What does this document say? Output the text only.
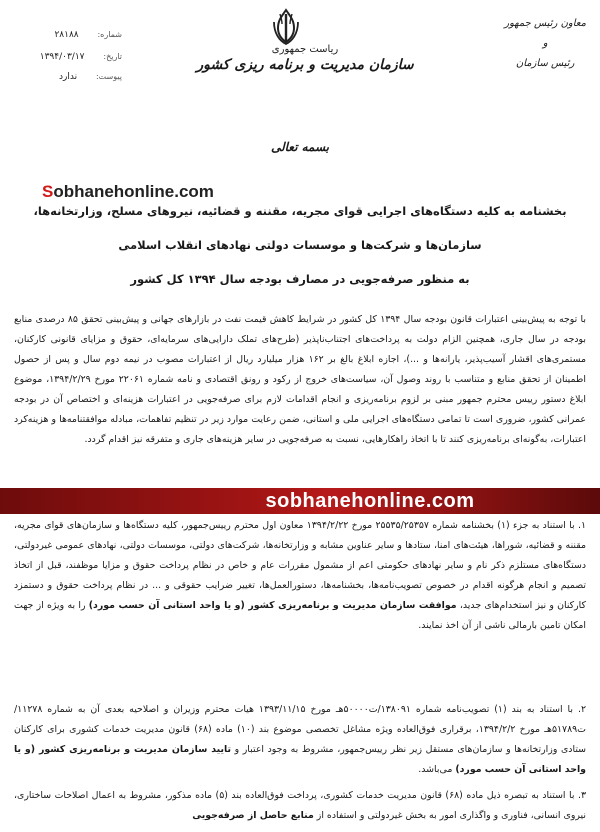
ریاست جمهوری
سازمان مدیریت و برنامه ریزی کشور
معاون رئیس جمهور
و
رئیس سازمان
شماره: ۲۸۱۸۸
تاریخ: ۱۳۹۴/۰۳/۱۷
پیوست: ندارد
بسمه تعالی
Sobhanehonline.com
بخشنامه به کلیه دستگاه‌های اجرایی قوای مجریه، مقننه و قضائیه، نیروهای مسلح، وزارتخانه‌ها،
سازمان‌ها و شرکت‌ها و موسسات دولتی نهادهای انقلاب اسلامی
به منظور صرفه‌جویی در مصارف بودجه سال ۱۳۹۴ کل کشور
با توجه به پیش‌بینی اعتبارات قانون بودجه سال ۱۳۹۴ کل کشور در شرایط کاهش قیمت نفت در بازارهای جهانی و پیش‌بینی تحقق ۸۵ درصدی منابع بودجه در سال جاری، همچنین الزام دولت به پرداخت‌های اجتناب‌ناپذیر (طرح‌های تملک دارایی‌های سرمایه‌ای، حقوق و مزایای قانونی کارکنان، مستمری‌های اقشار آسیب‌پذیر، یارانه‌ها و ...)، اجازه ابلاغ بالغ بر ۱۶۲ هزار میلیارد ریال از اعتبارات مصوب در نیمه دوم سال و پس از حصول اطمینان از تحقق منابع و متناسب با روند وصول آن، سیاست‌های خروج از رکود و رونق اقتصادی و نامه شماره ۲۲۰۶۱ مورخ ۱۳۹۴/۲/۲۹، موضوع ابلاغ دستور رییس محترم جمهور مبنی بر لزوم برنامه‌ریزی و انجام اقدامات لازم برای صرفه‌جویی در اعتبارات هزینه‌ای و اختصاص آن در بودجه عمرانی کشور، ضروری است تا تمامی دستگاه‌های اجرایی ملی و استانی، ضمن رعایت موارد زیر در تنظیم تفاهمات، مبادله موافقتنامه‌ها و هزینه‌کرد اعتبارات، به‌گونه‌ای برنامه‌ریزی کنند تا با اتخاذ راهکارهایی، نسبت به صرفه‌جویی در سایر هزینه‌های جاری و متفرقه نیز اقدام گردد.
sobhanehonline.com
۱. با استناد به جزء (۱) بخشنامه شماره ۲۵۵۳۵/۲۵۳۵۷ مورخ ۱۳۹۴/۲/۲۲ معاون اول محترم رییس‌جمهور، کلیه دستگاه‌ها و سازمان‌های قوای مجریه، مقننه و قضائیه، شوراها، هیئت‌های امنا، ستادها و سایر عناوین مشابه و وزارتخانه‌ها، شرکت‌های دولتی، موسسات دولتی، نهادهای عمومی غیردولتی، دستگاه‌های مستلزم ذکر نام و سایر نهادهای حکومتی اعم از مشمول مقررات عام و خاص در نظام پرداخت حقوق و مزایا موظفند، قبل از اتخاذ تصمیم و انجام هرگونه اقدام در خصوص تصویب‌نامه‌ها، بخشنامه‌ها، دستورالعمل‌ها، تغییر ضرایب حقوقی و ... در نظام پرداخت حقوق و دستمزد کارکنان و نیز استخدام‌های جدید، موافقت سازمان مدیریت و برنامه‌ریزی کشور (و یا واحد استانی آن حسب مورد) را به ویژه از جهت امکان تامین بارمالی ناشی از آن اخذ نمایند.
۲. با استناد به بند (۱) تصویب‌نامه شماره ۱۳۸۰۹۱/ت۵۰۰۰۰هـ مورخ ۱۳۹۳/۱۱/۱۵ هیات محترم وزیران و اصلاحیه بعدی آن به شماره ۱۱۲۷۸/ت۵۱۷۸۹هـ مورخ ۱۳۹۴/۲/۲، برقراری فوق‌العاده ویژه مشاغل تخصصی موضوع بند (۱۰) ماده (۶۸) قانون مدیریت خدمات کشوری برای کارکنان ستادی وزارتخانه‌ها و سازمان‌های مستقل زیر نظر رییس‌جمهور، مشروط به وجود اعتبار و تایید سازمان مدیریت و برنامه‌ریزی کشور (و یا واحد استانی آن حسب مورد) می‌باشد.
۳. با استناد به تبصره ذیل ماده (۶۸) قانون مدیریت خدمات کشوری، پرداخت فوق‌العاده بند (۵) ماده مذکور، مشروط به اعمال اصلاحات ساختاری، نیروی انسانی، فناوری و واگذاری امور به بخش غیردولتی و استفاده از منابع حاصل از صرفه‌جویی
